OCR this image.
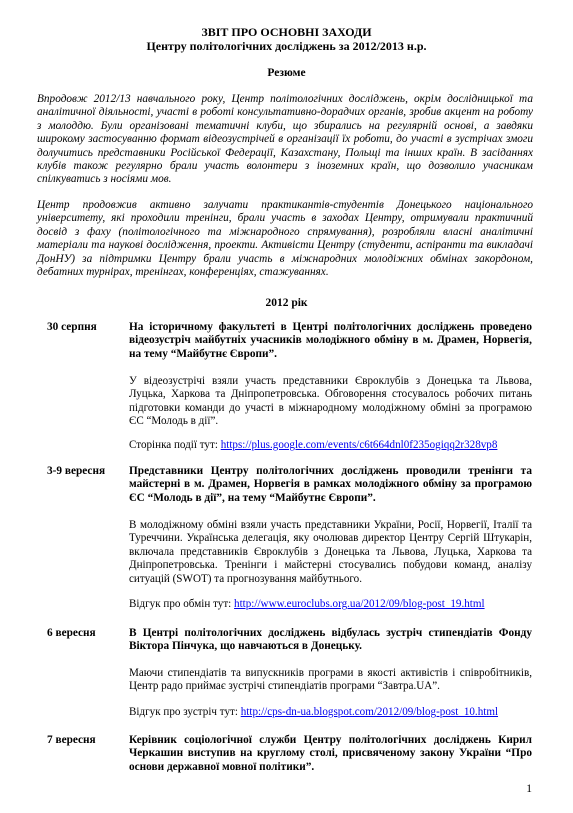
ЗВІТ ПРО ОСНОВНІ ЗАХОДИ
Центру політологічних досліджень за 2012/2013 н.р.
Резюме

Впродовж 2012/13 навчального року, Центр політологічних досліджень, окрім дослідницької та аналітичної діяльності, участі в роботі консультативно-дорадчих органів, зробив акцент на роботу з молоддю. Були організовані тематичні клуби, що збирались на регулярній основі, а завдяки широкому застосуванню формат відеозустрічей в організації їх роботи, до участі в зустрічах змоги долучитись представники Російської Федерації, Казахстану, Польщі та інших країн. В засіданнях клубів також регулярно брали участь волонтери з іноземних країн, що дозволило учасникам спілкуватись з носіями мов.

Центр продовжив активно залучати практикантів-студентів Донецького національного університету, які проходили тренінги, брали участь в заходах Центру, отримували практичний досвід з фаху (політологічного та міжнародного спрямування), розробляли власні аналітичні матеріали та наукові дослідження, проекти. Активісти Центру (студенти, аспіранти та викладачі ДонНУ) за підтримки Центру брали участь в міжнародних молодіжних обмінах закордоном, дебатних турнірах, тренінгах, конференціях, стажуваннях.

2012 рік
30 серпня	На історичному факультеті в Центрі політологічних досліджень проведено відеозустріч майбутніх учасників молодіжного обміну в м. Драмен, Норвегія, на тему “Майбутнє Європи”.

У відеозустрічі взяли участь представники Євроклубів з Донецька та Львова, Луцька, Харкова та Дніпропетровська. Обговорення стосувалось робочих питань підготовки команди до участі в міжнародному молодіжному обміні за програмою ЄС “Молодь в дії”.

Сторінка події тут: https://plus.google.com/events/c6t664dnl0f235ogiqq2r328vp8
3-9 вересня Представники Центру політологічних досліджень проводили тренінги та майстерні в м. Драмен, Норвегія в рамках молодіжного обміну за програмою ЄС “Молодь в дії”, на тему “Майбутнє Європи”.

В молодіжному обміні взяли участь представники України, Росії, Норвегії, Італії та Туреччини. Українська делегація, яку очолював директор Центру Сергій Штукарін, включала представників Євроклубів з Донецька та Львова, Луцька, Харкова та Дніпропетровська. Тренінги і майстерні стосувались побудови команд, аналізу ситуацій (SWOT) та прогнозування майбутнього.

Відгук про обмін тут: http://www.euroclubs.org.ua/2012/09/blog-post_19.html
6 вересня	В Центрі політологічних досліджень відбулась зустріч стипендіатів Фонду Віктора Пінчука, що навчаються в Донецьку.

Маючи стипендіатів та випускників програми в якості активістів і співробітників, Центр радо приймає зустрічі стипендіатів програми “Завтра.UA”.

Відгук про зустріч тут: http://cps-dn-ua.blogspot.com/2012/09/blog-post_10.html
7 вересня	Керівник соціологічної служби Центру політологічних досліджень Кирил Черкашин виступив на круглому столі, присвяченому закону України “Про основи державної мовної політики”.

1
